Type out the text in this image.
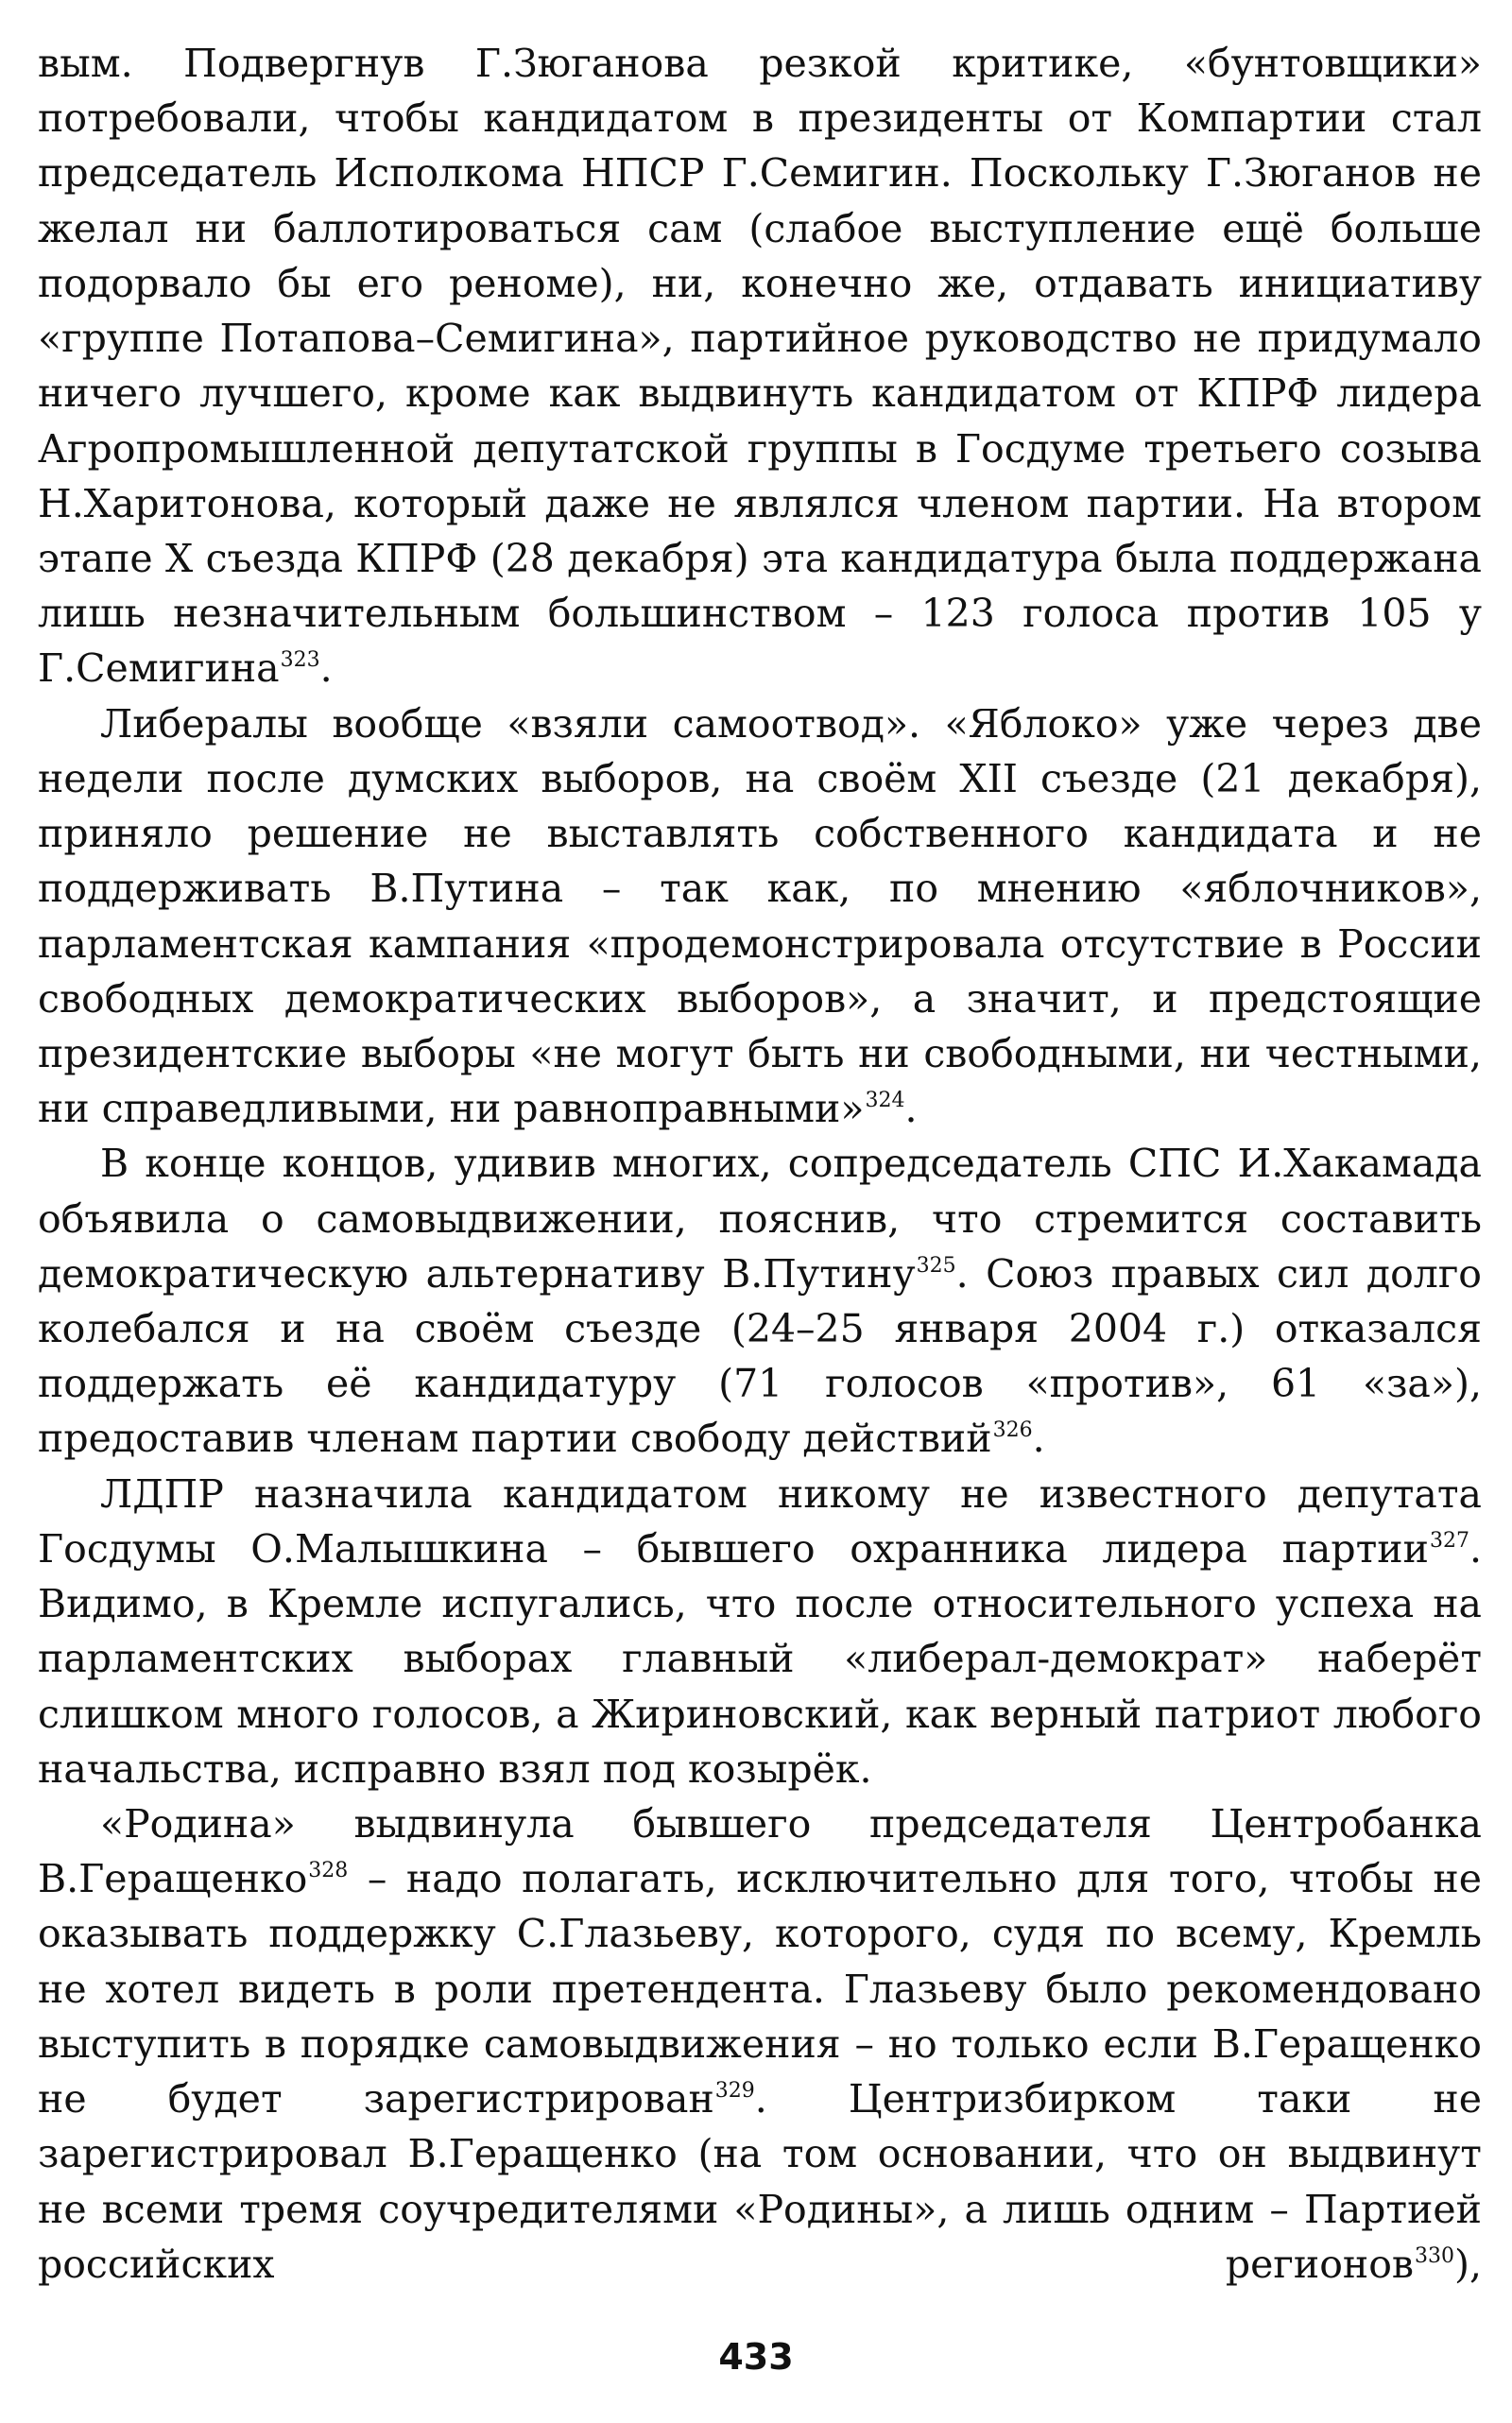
вым. Подвергнув Г.Зюганова резкой критике, «бунтовщики» потребовали, чтобы кандидатом в президенты от Компартии стал председатель Исполкома НПСР Г.Семигин. Поскольку Г.Зюганов не желал ни баллотироваться сам (слабое выступление ещё больше подорвало бы его реноме), ни, конечно же, отдавать инициативу «группе Потапова–Семигина», партийное руководство не придумало ничего лучшего, кроме как выдвинуть кандидатом от КПРФ лидера Агропромышленной депутатской группы в Госдуме третьего созыва Н.Харитонова, который даже не являлся членом партии. На втором этапе X съезда КПРФ (28 декабря) эта кандидатура была поддержана лишь незначительным большинством – 123 голоса против 105 у Г.Семигина$^{323}$.

Либералы вообще «взяли самоотвод». «Яблоко» уже через две недели после думских выборов, на своём XII съезде (21 декабря), приняло решение не выставлять собственного кандидата и не поддерживать В.Путина – так как, по мнению «яблочников», парламентская кампания «продемонстрировала отсутствие в России свободных демократических выборов», а значит, и предстоящие президентские выборы «не могут быть ни свободными, ни честными, ни справедливыми, ни равноправными»$^{324}$.

В конце концов, удивив многих, сопредседатель СПС И.Хакамада объявила о самовыдвижении, пояснив, что стремится составить демократическую альтернативу В.Путину$^{325}$. Союз правых сил долго колебался и на своём съезде (24–25 января 2004 г.) отказался поддержать её кандидатуру (71 голосов «против», 61 «за»), предоставив членам партии свободу действий$^{326}$.

ЛДПР назначила кандидатом никому не известного депутата Госдумы О.Малышкина – бывшего охранника лидера партии$^{327}$. Видимо, в Кремле испугались, что после относительного успеха на парламентских выборах главный «либерал-демократ» наберёт слишком много голосов, а Жириновский, как верный патриот любого начальства, исправно взял под козырёк.

«Родина» выдвинула бывшего председателя Центробанка В.Геращенко$^{328}$ – надо полагать, исключительно для того, чтобы не оказывать поддержку С.Глазьеву, которого, судя по всему, Кремль не хотел видеть в роли претендента. Глазьеву было рекомендовано выступить в порядке самовыдвижения – но только если В.Геращенко не будет зарегистрирован$^{329}$. Центризбирком таки не зарегистрировал В.Геращенко (на том основании, что он выдвинут не всеми тремя соучредителями «Родины», а лишь одним – Партией российских регионов$^{330}$),

433
